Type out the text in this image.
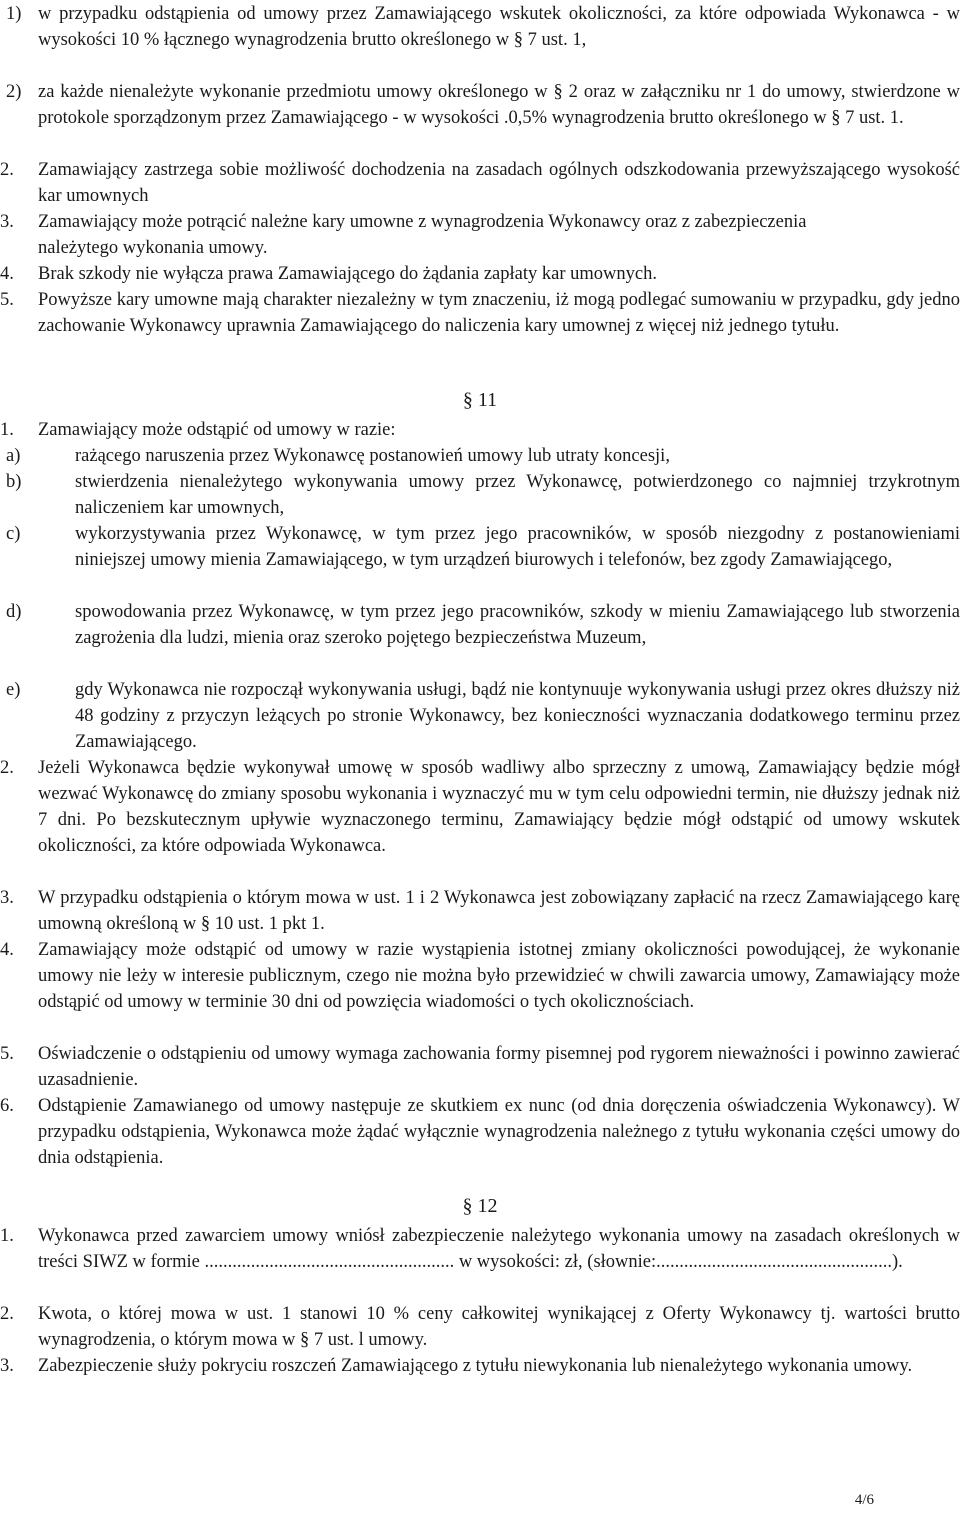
1) w przypadku odstąpienia od umowy przez Zamawiającego wskutek okoliczności, za które odpowiada Wykonawca - w wysokości 10 % łącznego wynagrodzenia brutto określonego w § 7 ust. 1,
2) za każde nienależyte wykonanie przedmiotu umowy określonego w § 2 oraz w załączniku nr 1 do umowy, stwierdzone w protokole sporządzonym przez Zamawiającego - w wysokości .0,5% wynagrodzenia brutto określonego w § 7 ust. 1.
2. Zamawiający zastrzega sobie możliwość dochodzenia na zasadach ogólnych odszkodowania przewyższającego wysokość kar umownych
3. Zamawiający może potrącić należne kary umowne z wynagrodzenia Wykonawcy oraz z zabezpieczenia należytego wykonania umowy.
4. Brak szkody nie wyłącza prawa Zamawiającego do żądania zapłaty kar umownych.
5. Powyższe kary umowne mają charakter niezależny w tym znaczeniu, iż mogą podlegać sumowaniu w przypadku, gdy jedno zachowanie Wykonawcy uprawnia Zamawiającego do naliczenia kary umownej z więcej niż jednego tytułu.
§ 11
1. Zamawiający może odstąpić od umowy w razie:
a)	rażącego naruszenia przez Wykonawcę postanowień umowy lub utraty koncesji,
b)	stwierdzenia nienależytego wykonywania umowy przez Wykonawcę, potwierdzonego co najmniej trzykrotnym naliczeniem kar umownych,
c)	wykorzystywania przez Wykonawcę, w tym przez jego pracowników, w sposób niezgodny z postanowieniami niniejszej umowy mienia Zamawiającego, w tym urządzeń biurowych i telefonów, bez zgody Zamawiającego,
d)	spowodowania przez Wykonawcę, w tym przez jego pracowników, szkody w mieniu Zamawiającego lub stworzenia zagrożenia dla ludzi, mienia oraz szeroko pojętego bezpieczeństwa Muzeum,
e)	gdy Wykonawca nie rozpoczął wykonywania usługi, bądź nie kontynuuje wykonywania usługi przez okres dłuższy niż 48 godziny z przyczyn leżących po stronie Wykonawcy, bez konieczności wyznaczania dodatkowego terminu przez Zamawiającego.
2. Jeżeli Wykonawca będzie wykonywał umowę w sposób wadliwy albo sprzeczny z umową, Zamawiający będzie mógł wezwać Wykonawcę do zmiany sposobu wykonania i wyznaczyć mu w tym celu odpowiedni termin, nie dłuższy jednak niż 7 dni. Po bezskutecznym upływie wyznaczonego terminu, Zamawiający będzie mógł odstąpić od umowy wskutek okoliczności, za które odpowiada Wykonawca.
3. W przypadku odstąpienia o którym mowa w ust. 1 i 2 Wykonawca jest zobowiązany zapłacić na rzecz Zamawiającego karę umowną określoną w § 10 ust. 1 pkt 1.
4. Zamawiający może odstąpić od umowy w razie wystąpienia istotnej zmiany okoliczności powodującej, że wykonanie umowy nie leży w interesie publicznym, czego nie można było przewidzieć w chwili zawarcia umowy, Zamawiający może odstąpić od umowy w terminie 30 dni od powzięcia wiadomości o tych okolicznościach.
5. Oświadczenie o odstąpieniu od umowy wymaga zachowania formy pisemnej pod rygorem nieważności i powinno zawierać uzasadnienie.
6. Odstąpienie Zamawianego od umowy następuje ze skutkiem ex nunc (od dnia doręczenia oświadczenia Wykonawcy). W przypadku odstąpienia, Wykonawca może żądać wyłącznie wynagrodzenia należnego z tytułu wykonania części umowy do dnia odstąpienia.
§ 12
1. Wykonawca przed zawarciem umowy wniósł zabezpieczenie należytego wykonania umowy na zasadach określonych w treści SIWZ w formie ...................................................... w wysokości: zł, (słownie:...................................................).
2. Kwota, o której mowa w ust. 1 stanowi 10 % ceny całkowitej wynikającej z Oferty Wykonawcy tj. wartości brutto wynagrodzenia, o którym mowa w § 7 ust. l umowy.
3. Zabezpieczenie służy pokryciu roszczeń Zamawiającego z tytułu niewykonania lub nienależytego wykonania umowy.
4/6
